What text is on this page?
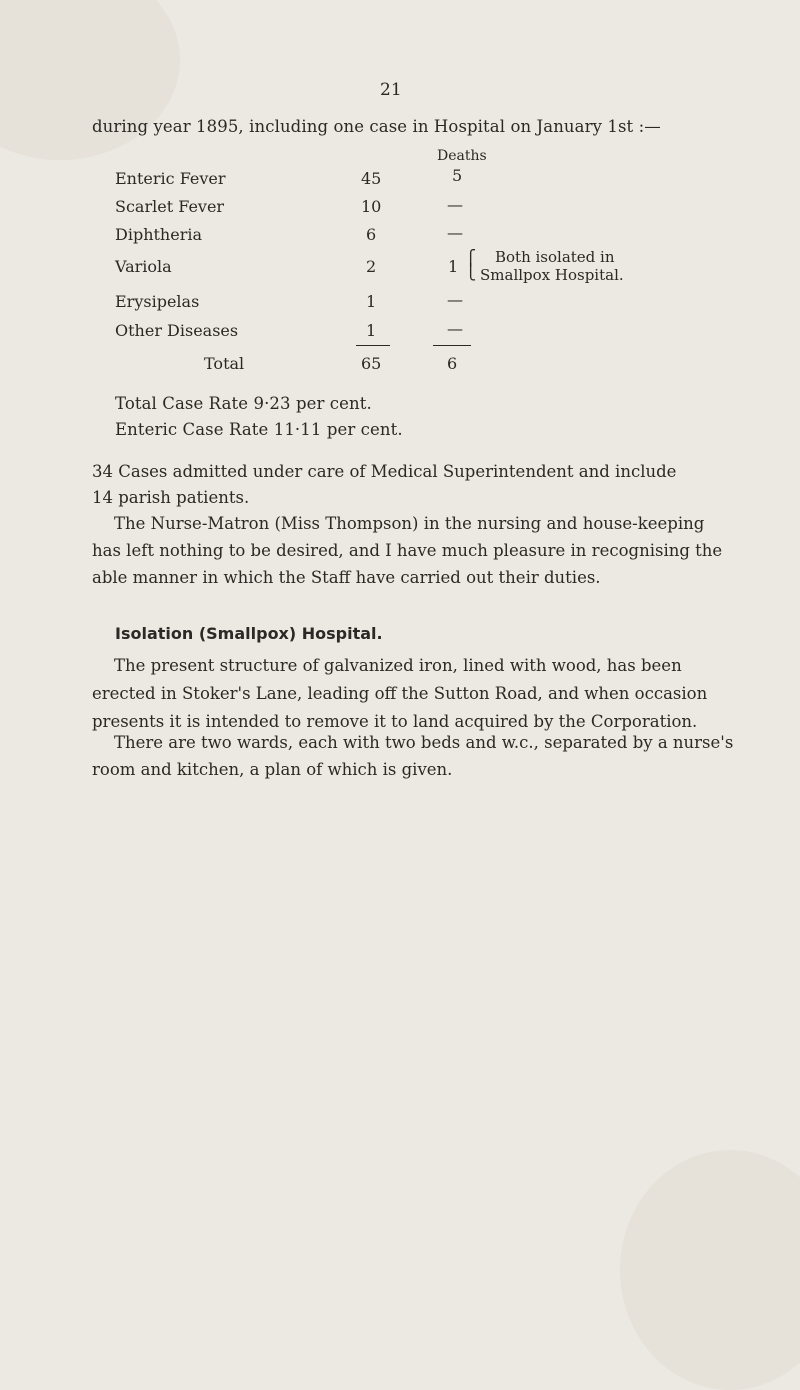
21
during year 1895, including one case in Hospital on January 1st :—
Deaths
Enteric Fever	45	5
Scarlet Fever	10	—
Diphtheria	6	—
Variola	2	1 ⎧
⎩
Both isolated in
Smallpox Hospital.
Erysipelas	1	—
Other Diseases	1	—
Total	65	6
Total Case Rate 9·23 per cent.
Enteric Case Rate 11·11 per cent.
34 Cases admitted under care of Medical Superintendent and include
14 parish patients.
The Nurse-Matron (Miss Thompson) in the nursing and house-keeping
has left nothing to be desired, and I have much pleasure in recognising the
able manner in which the Staff have carried out their duties.
Isolation (Smallpox) Hospital.
The present structure of galvanized iron, lined with wood, has been
erected in Stoker's Lane, leading off the Sutton Road, and when occasion
presents it is intended to remove it to land acquired by the Corporation.
There are two wards, each with two beds and w.c., separated by a nurse's
room and kitchen, a plan of which is given.
